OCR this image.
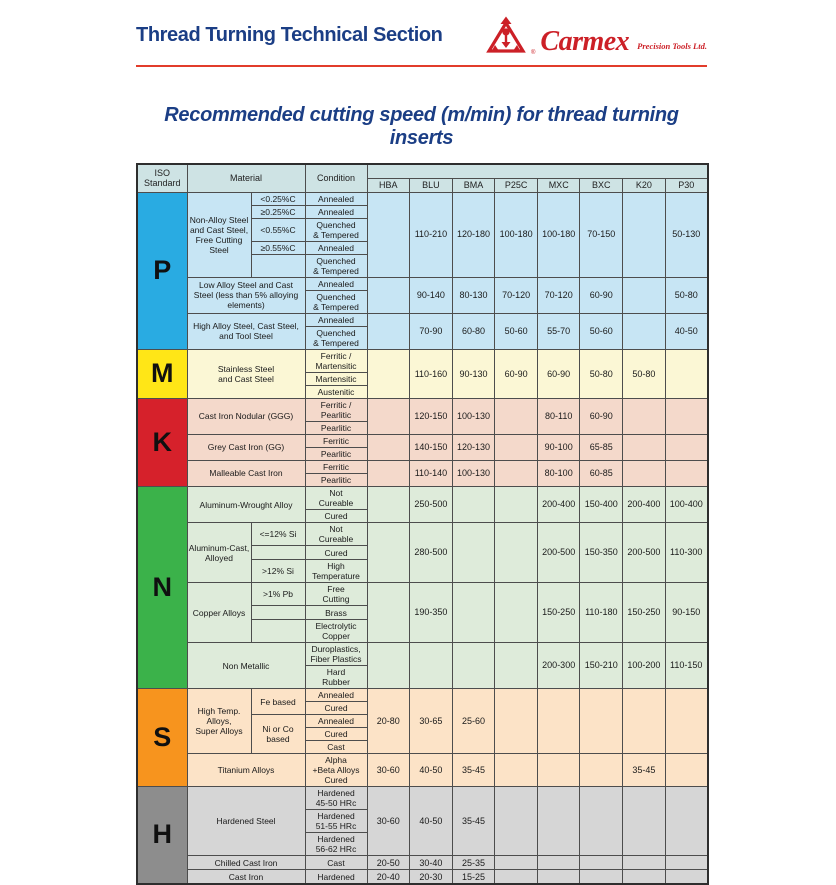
Thread Turning Technical Section
® Carmex Precision Tools Ltd.
Recommended cutting speed (m/min) for thread turning inserts
ISO
Standard	Material		Condition								
				HBA	BLU	BMA	P25C	MXC	BXC	K20	P30
P	Non-Alloy Steel
and Cast Steel,
Free Cutting Steel	<0.25%C	Annealed		110-210	120-180	100-180	100-180	70-150		50-130
		≥0.25%C	Annealed								
		<0.55%C	Quenched
& Tempered								
		≥0.55%C	Annealed								
			Quenched
& Tempered								
	Low Alloy Steel and Cast
Steel (less than 5% alloying
elements)		Annealed		90-140	80-130	70-120	70-120	60-90		50-80
			Quenched
& Tempered								
	High Alloy Steel, Cast Steel,
and Tool Steel		Annealed		70-90	60-80	50-60	55-70	50-60		40-50
			Quenched
& Tempered								
M	Stainless Steel
and Cast Steel		Ferritic /
Martensitic		110-160	90-130	60-90	60-90	50-80	50-80	
			Martensitic								
			Austenitic								
K	Cast Iron Nodular (GGG)		Ferritic /
Pearlitic		120-150	100-130		80-110	60-90		
			Pearlitic								
	Grey Cast Iron (GG)		Ferritic		140-150	120-130		90-100	65-85		
			Pearlitic								
	Malleable Cast Iron		Ferritic		110-140	100-130		80-100	60-85		
			Pearlitic								
N	Aluminum-Wrought Alloy		Not
Cureable		250-500			200-400	150-400	200-400	100-400
			Cured								
	Aluminum-Cast,
Alloyed	<=12% Si	Not
Cureable		280-500			200-500	150-350	200-500	110-300
			Cured								
		>12% Si	High
Temperature								
	Copper Alloys	>1% Pb	Free
Cutting		190-350			150-250	110-180	150-250	90-150
			Brass								
			Electrolytic
Copper								
	Non Metallic		Duroplastics,
Fiber Plastics					200-300	150-210	100-200	110-150
			Hard
Rubber								
S	High Temp. Alloys,
Super Alloys	Fe based	Annealed	20-80	30-65	25-60					
			Cured								
		Ni or Co
based	Annealed								
			Cured								
			Cast								
	Titanium Alloys		Alpha
+Beta Alloys
Cured	30-60	40-50	35-45				35-45	
H	Hardened Steel		Hardened
45-50 HRc	30-60	40-50	35-45					
			Hardened
51-55 HRc								
			Hardened
56-62 HRc								
	Chilled Cast Iron		Cast	20-50	30-40	25-35					
	Cast Iron		Hardened	20-40	20-30	15-25					
